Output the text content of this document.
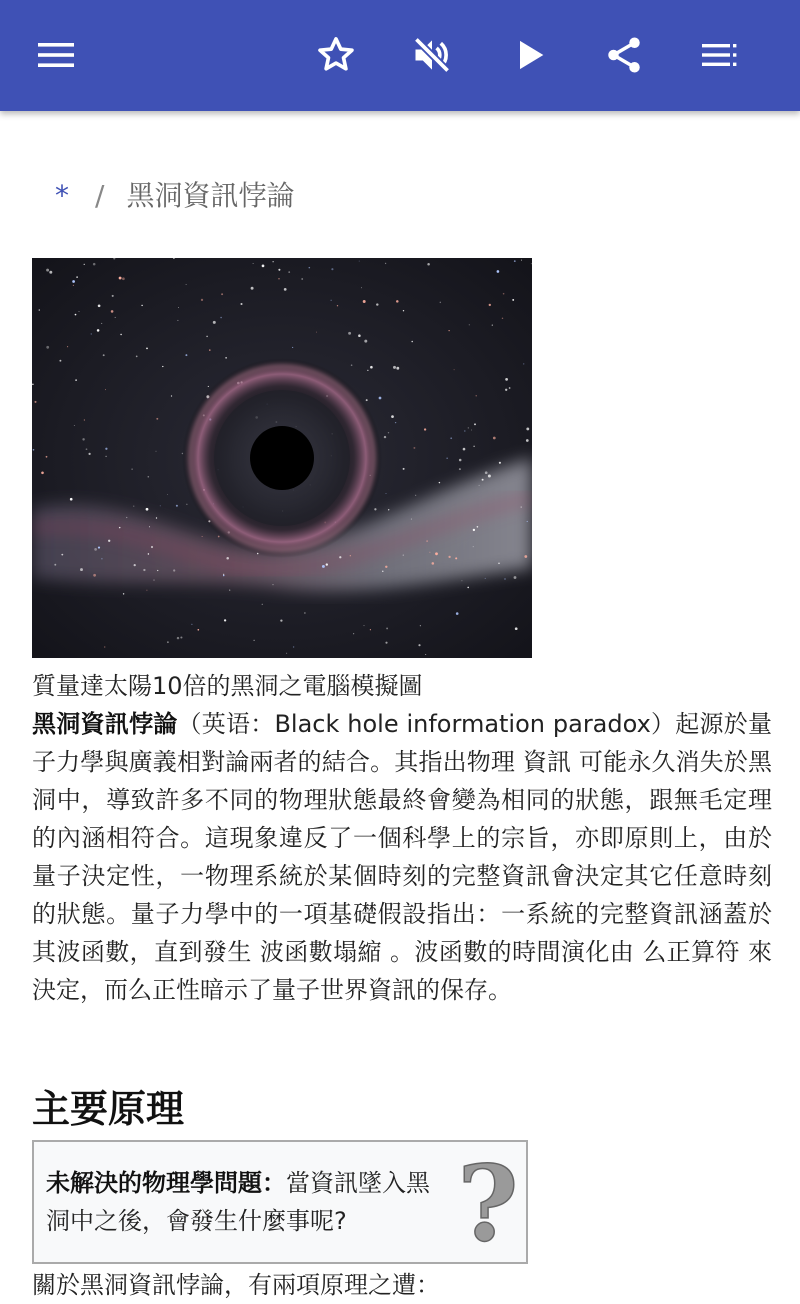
* / 黑洞資訊悖論
質量達太陽10倍的黑洞之電腦模擬圖

黑洞資訊悖論（英语：Black hole information paradox）起源於量子力學與廣義相對論兩者的結合。其指出物理 資訊 可能永久消失於黑洞中，導致許多不同的物理狀態最終會變為相同的狀態，跟無毛定理的內涵相符合。這現象違反了一個科學上的宗旨，亦即原則上，由於量子決定性，一物理系統於某個時刻的完整資訊會決定其它任意時刻的狀態。量子力學中的一項基礎假設指出：一系統的完整資訊涵蓋於其波函數，直到發生 波函數塌縮 。波函數的時間演化由 么正算符 來決定，而么正性暗示了量子世界資訊的保存。

主要原理
未解決的物理學問題：當資訊墜入黑洞中之後，會發生什麼事呢?	?
關於黑洞資訊悖論，有兩項原理之遭：
